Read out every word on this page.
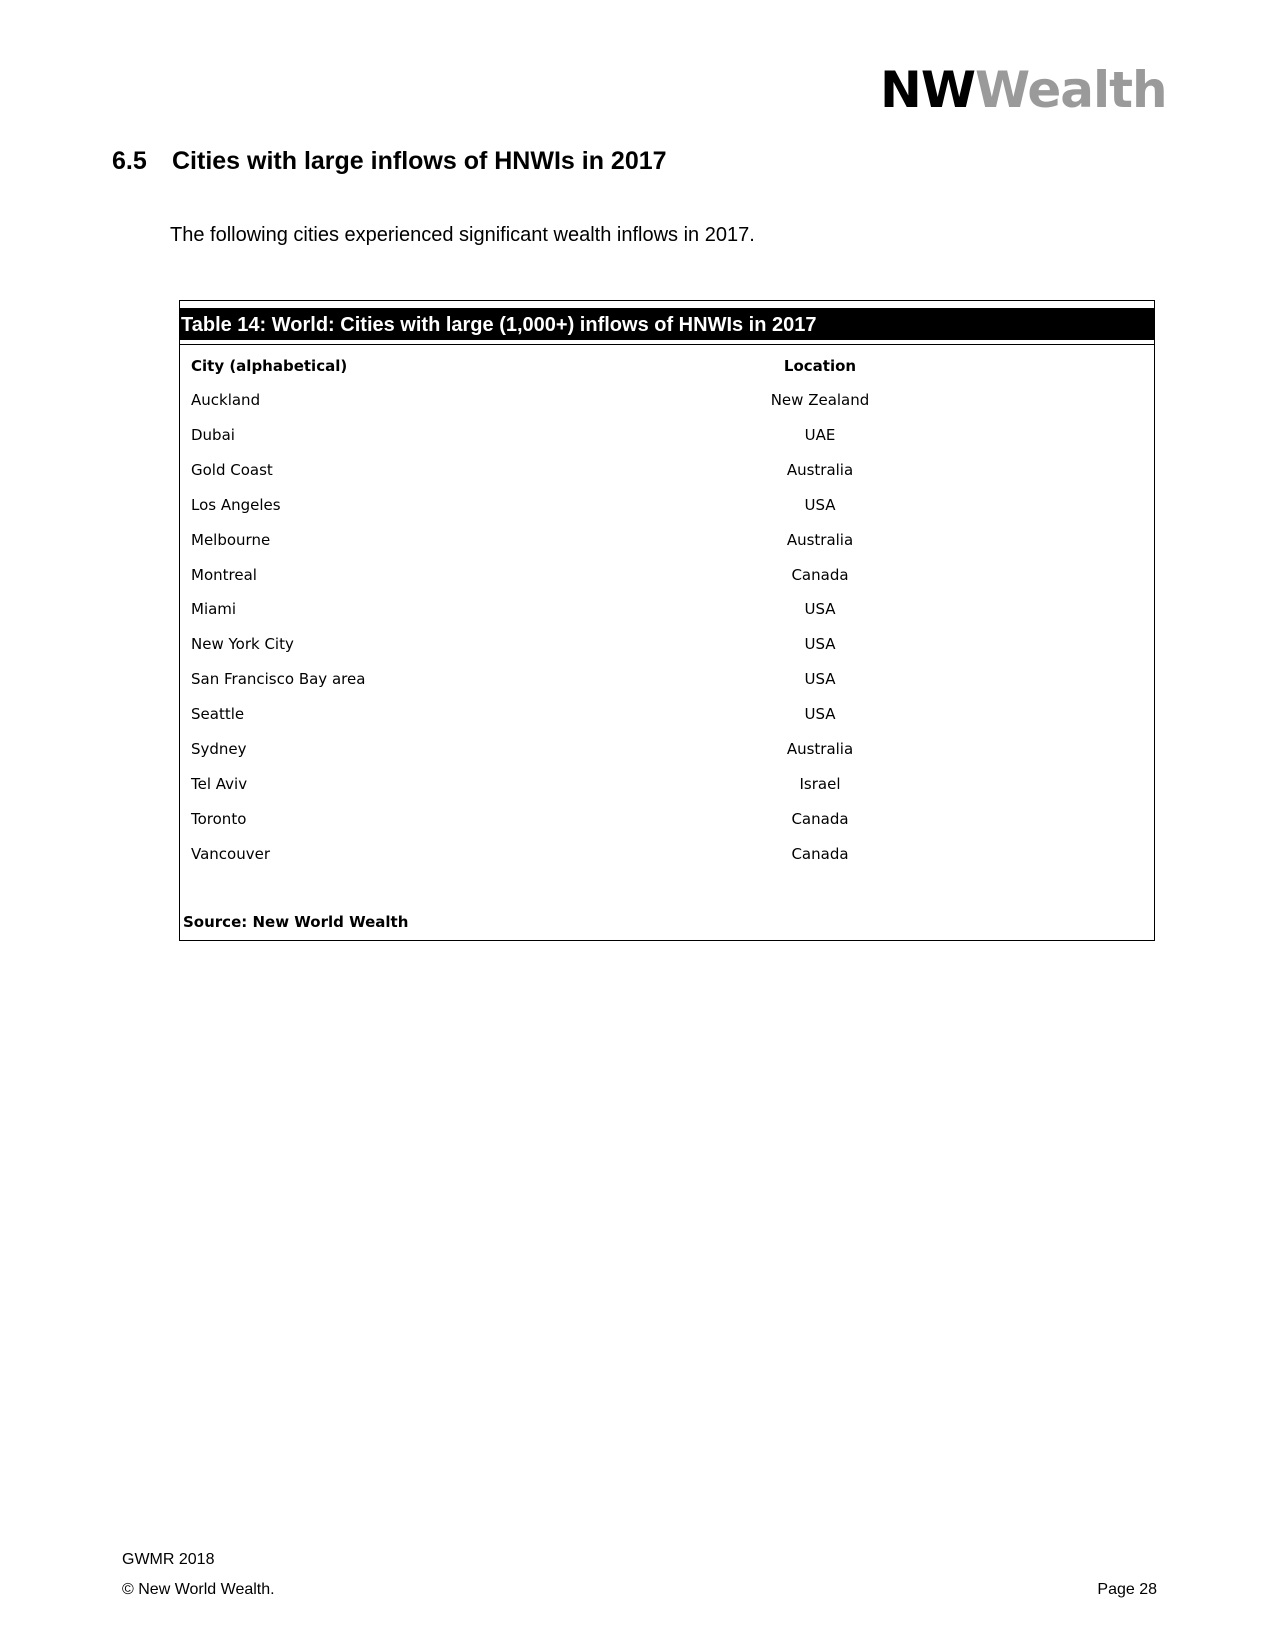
NWWealth
6.5 Cities with large inflows of HNWIs in 2017

The following cities experienced significant wealth inflows in 2017.

Table 14: World: Cities with large (1,000+) inflows of HNWIs in 2017
City (alphabetical)	Location
Auckland	New Zealand
Dubai	UAE
Gold Coast	Australia
Los Angeles	USA
Melbourne	Australia
Montreal	Canada
Miami	USA
New York City	USA
San Francisco Bay area	USA
Seattle	USA
Sydney	Australia
Tel Aviv	Israel
Toronto	Canada
Vancouver	Canada
Source: New World Wealth
GWMR 2018
© New World Wealth.	Page 28
